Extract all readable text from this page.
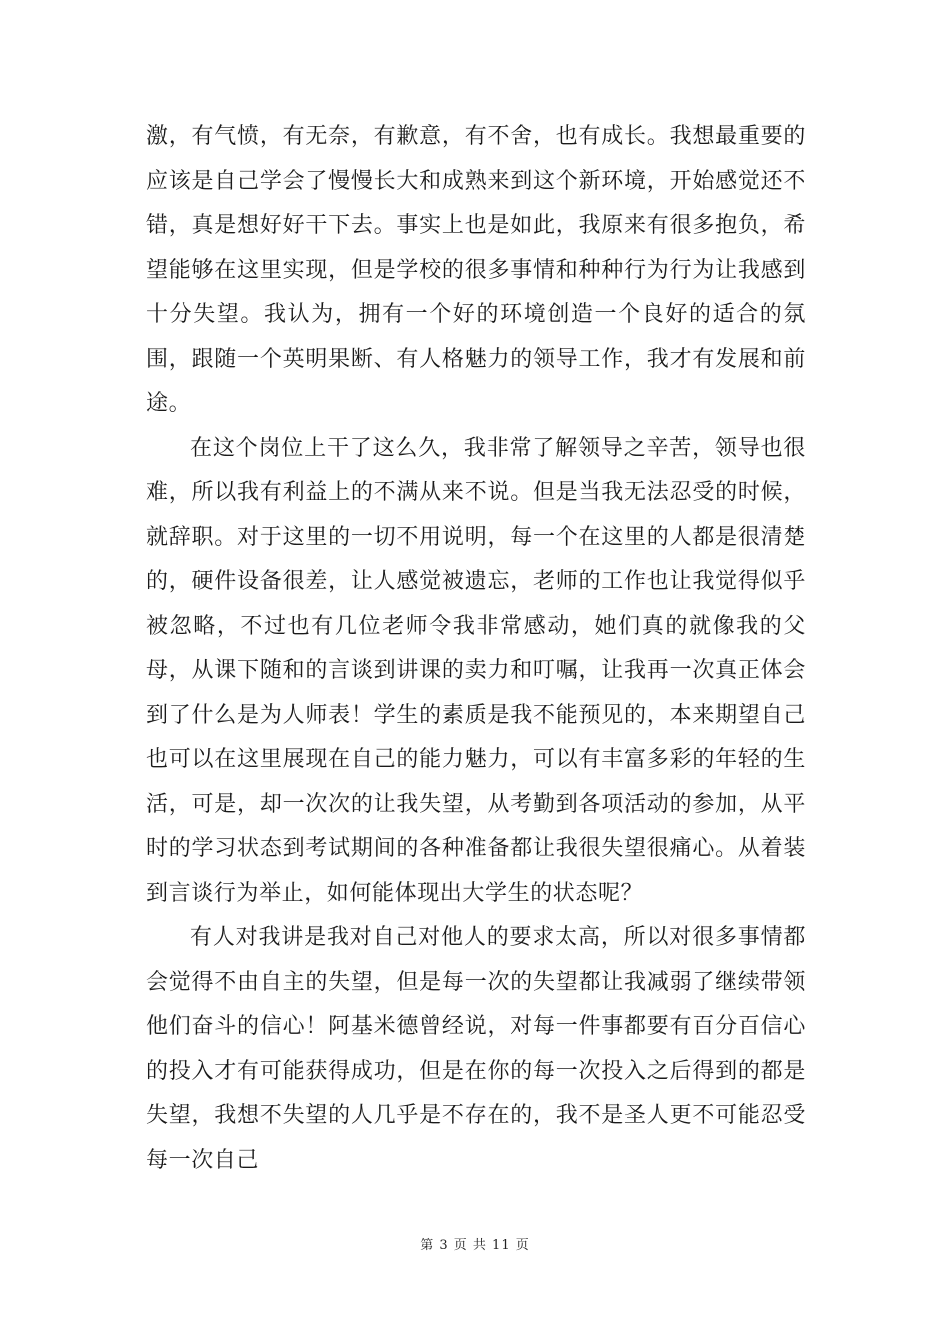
激，有气愤，有无奈，有歉意，有不舍，也有成长。我想最重要的应该是自己学会了慢慢长大和成熟来到这个新环境，开始感觉还不错，真是想好好干下去。事实上也是如此，我原来有很多抱负，希望能够在这里实现，但是学校的很多事情和种种行为行为让我感到十分失望。我认为，拥有一个好的环境创造一个良好的适合的氛围，跟随一个英明果断、有人格魅力的领导工作，我才有发展和前途。

在这个岗位上干了这么久，我非常了解领导之辛苦，领导也很难，所以我有利益上的不满从来不说。但是当我无法忍受的时候，就辞职。对于这里的一切不用说明，每一个在这里的人都是很清楚的，硬件设备很差，让人感觉被遗忘，老师的工作也让我觉得似乎被忽略，不过也有几位老师令我非常感动，她们真的就像我的父母，从课下随和的言谈到讲课的卖力和叮嘱，让我再一次真正体会到了什么是为人师表！学生的素质是我不能预见的，本来期望自己也可以在这里展现在自己的能力魅力，可以有丰富多彩的年轻的生活，可是，却一次次的让我失望，从考勤到各项活动的参加，从平时的学习状态到考试期间的各种准备都让我很失望很痛心。从着装到言谈行为举止，如何能体现出大学生的状态呢？

有人对我讲是我对自己对他人的要求太高，所以对很多事情都会觉得不由自主的失望，但是每一次的失望都让我减弱了继续带领他们奋斗的信心！阿基米德曾经说，对每一件事都要有百分百信心的投入才有可能获得成功，但是在你的每一次投入之后得到的都是失望，我想不失望的人几乎是不存在的，我不是圣人更不可能忍受每一次自己

第 3 页 共 11 页
